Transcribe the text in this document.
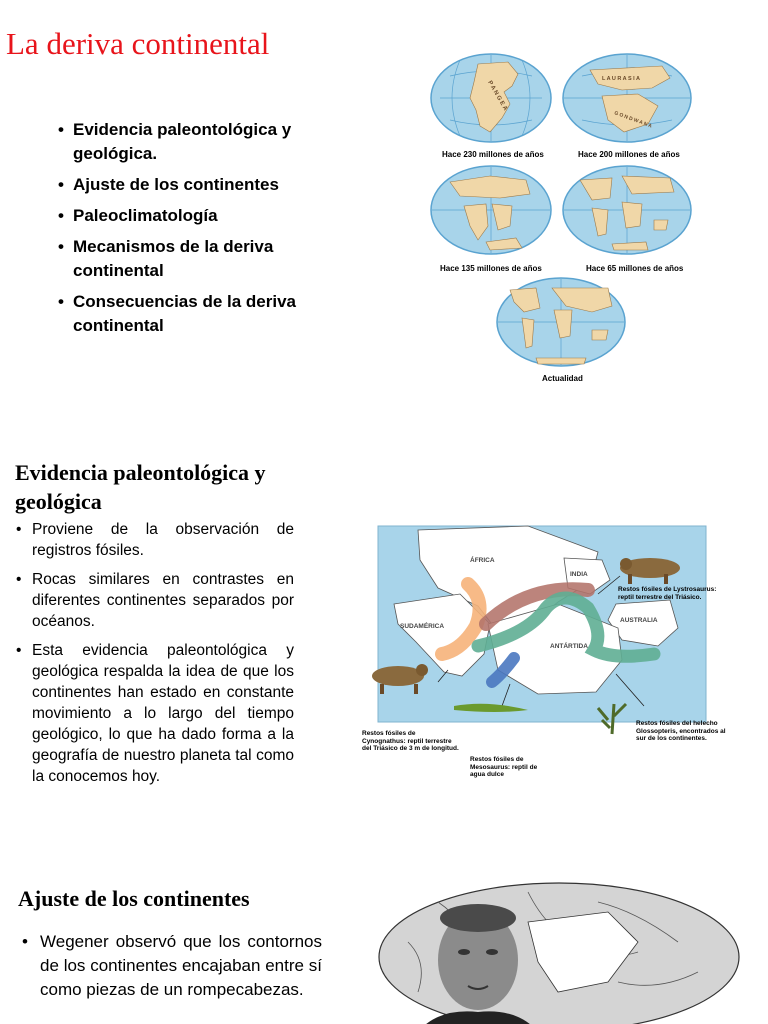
La deriva continental
• Evidencia paleontológica y geológica.
• Ajuste de los continentes
• Paleoclimatología
• Mecanismos de la deriva continental
• Consecuencias de la deriva continental
P A N G E A
Hace 230 millones de años
L A U R A S I A
G O N D W A N A
Hace 200 millones de años
Hace 135 millones de años	Hace 65 millones de años
Actualidad
Evidencia paleontológica y geológica
• Proviene de la observación de registros fósiles.
• Rocas similares en contrastes en diferentes continentes separados por océanos.
• Esta evidencia paleontológica y geológica respalda la idea de que los continentes han estado en constante movimiento a lo largo del tiempo geológico, lo que ha dado forma a la geografía de nuestro planeta tal como la conocemos hoy.
ÁFRICA
INDIA
SUDAMÉRICA
AUSTRALIA
ANTÁRTIDA
Restos fósiles de Lystrosaurus: reptil terrestre del Triásico.
Restos fósiles de Cynognathus: reptil terrestre del Triásico de 3 m de longitud.
Restos fósiles de Mesosaurus: reptil de agua dulce
Restos fósiles del helecho Glossopteris, encontrados al sur de los continentes.
Ajuste de los continentes
• Wegener observó que los contornos de los continentes encajaban entre sí como piezas de un rompecabezas.
